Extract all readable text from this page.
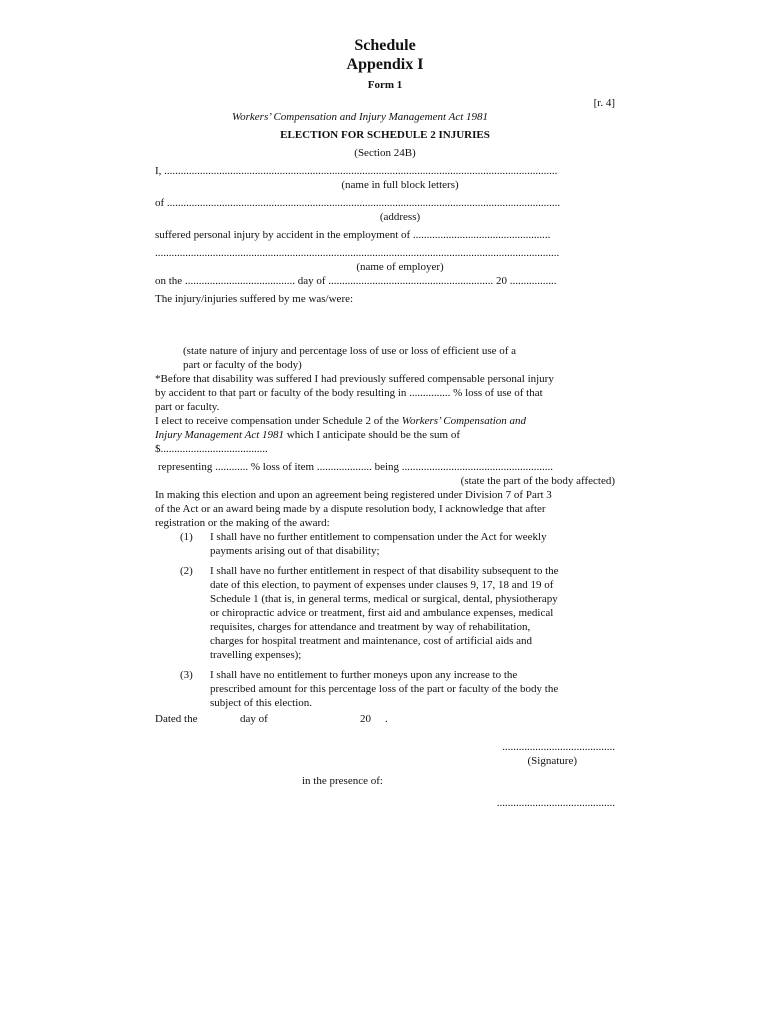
Schedule
Appendix I
Form 1
[r. 4]
Workers’ Compensation and Injury Management Act 1981
ELECTION FOR SCHEDULE 2 INJURIES
(Section 24B)
I, ...............................................................................................................................................
(name in full block letters)
of ...............................................................................................................................................
(address)
suffered personal injury by accident in the employment of ..................................................
...................................................................................................................................................
(name of employer)
on the ........................................ day of ............................................................ 20 .................
The injury/injuries suffered by me was/were:
(state nature of injury and percentage loss of use or loss of efficient use of a
part or faculty of the body)
*Before that disability was suffered I had previously suffered compensable personal injury
by accident to that part or faculty of the body resulting in ............... % loss of use of that
part or faculty.
I elect to receive compensation under Schedule 2 of the Workers’ Compensation and
Injury Management Act 1981 which I anticipate should be the sum of
$.......................................
representing ............ % loss of item .................... being .......................................................
(state the part of the body affected)
In making this election and upon an agreement being registered under Division 7 of Part 3
of the Act or an award being made by a dispute resolution body, I acknowledge that after
registration or the making of the award:
(1) I shall have no further entitlement to compensation under the Act for weekly
payments arising out of that disability;
(2) I shall have no further entitlement in respect of that disability subsequent to the
date of this election, to payment of expenses under clauses 9, 17, 18 and 19 of
Schedule 1 (that is, in general terms, medical or surgical, dental, physiotherapy
or chiropractic advice or treatment, first aid and ambulance expenses, medical
requisites, charges for attendance and treatment by way of rehabilitation,
charges for hospital treatment and maintenance, cost of artificial aids and
travelling expenses);
(3) I shall have no entitlement to further moneys upon any increase to the
prescribed amount for this percentage loss of the part or faculty of the body the
subject of this election.
Dated the	day of	20 .
.........................................
(Signature)
in the presence of:
...........................................
